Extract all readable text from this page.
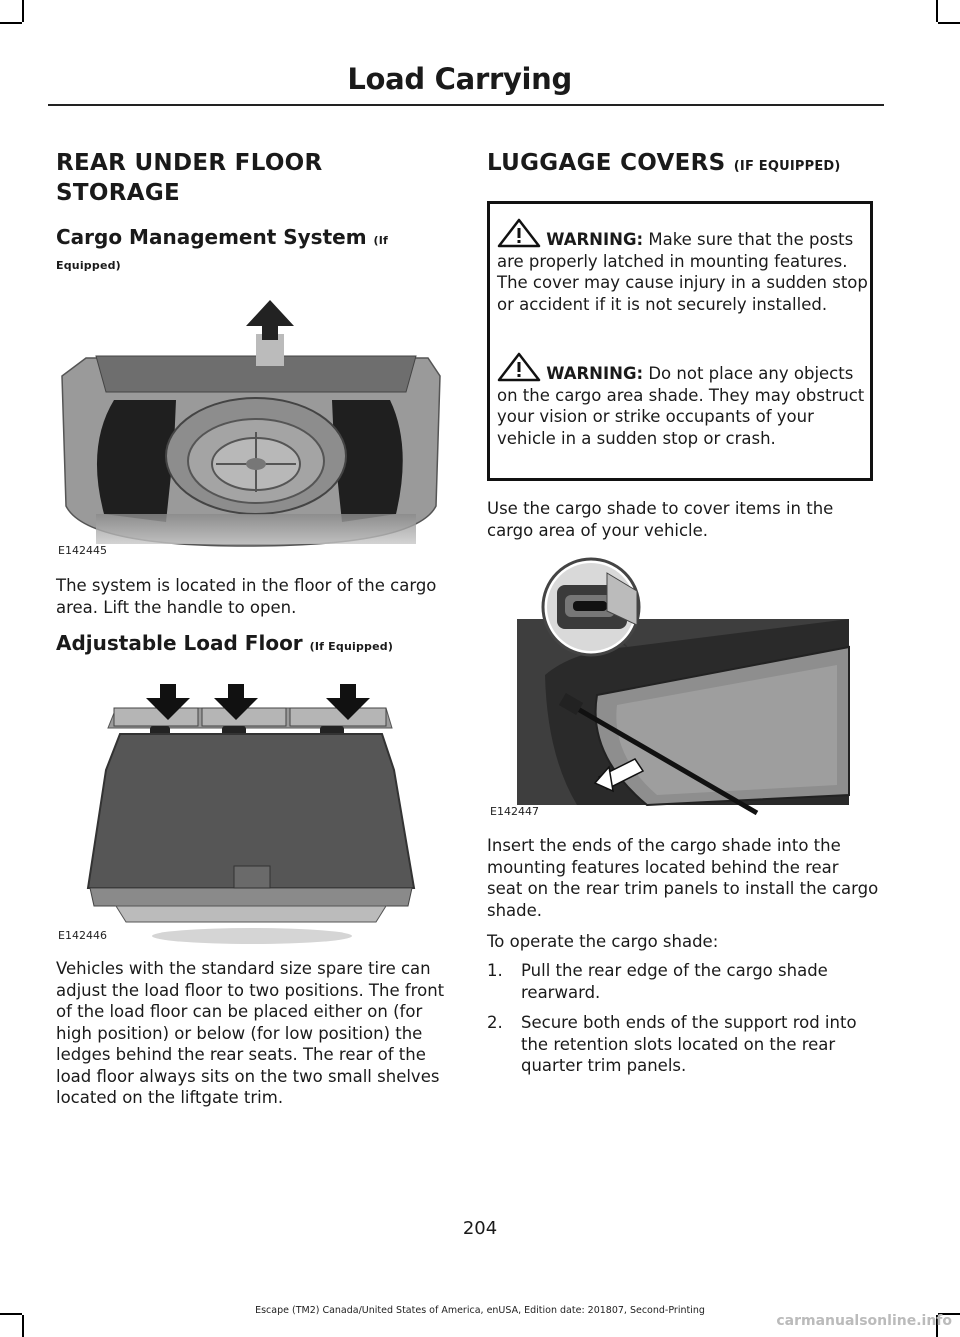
Load Carrying
REAR UNDER FLOOR
STORAGE
Cargo Management System (If
Equipped)
E142445

The system is located in the floor of the cargo area. Lift the handle to open.

Adjustable Load Floor (If Equipped)
E142446

Vehicles with the standard size spare tire can adjust the load floor to two positions. The front of the load floor can be placed either on (for high position) or below (for low position) the ledges behind the rear seats. The rear of the load floor always sits on the two small shelves located on the liftgate trim.

LUGGAGE COVERS (IF EQUIPPED)

WARNING: Make sure that the posts are properly latched in mounting features. The cover may cause injury in a sudden stop or accident if it is not securely installed.

WARNING: Do not place any objects on the cargo area shade. They may obstruct your vision or strike occupants of your vehicle in a sudden stop or crash.

Use the cargo shade to cover items in the cargo area of your vehicle.

E142447

Insert the ends of the cargo shade into the mounting features located behind the rear seat on the rear trim panels to install the cargo shade.

To operate the cargo shade:

1. Pull the rear edge of the cargo shade rearward.
2. Secure both ends of the support rod into the retention slots located on the rear quarter trim panels.
204
Escape (TM2) Canada/United States of America, enUSA, Edition date: 201807, Second-Printing
carmanualsonline.info
